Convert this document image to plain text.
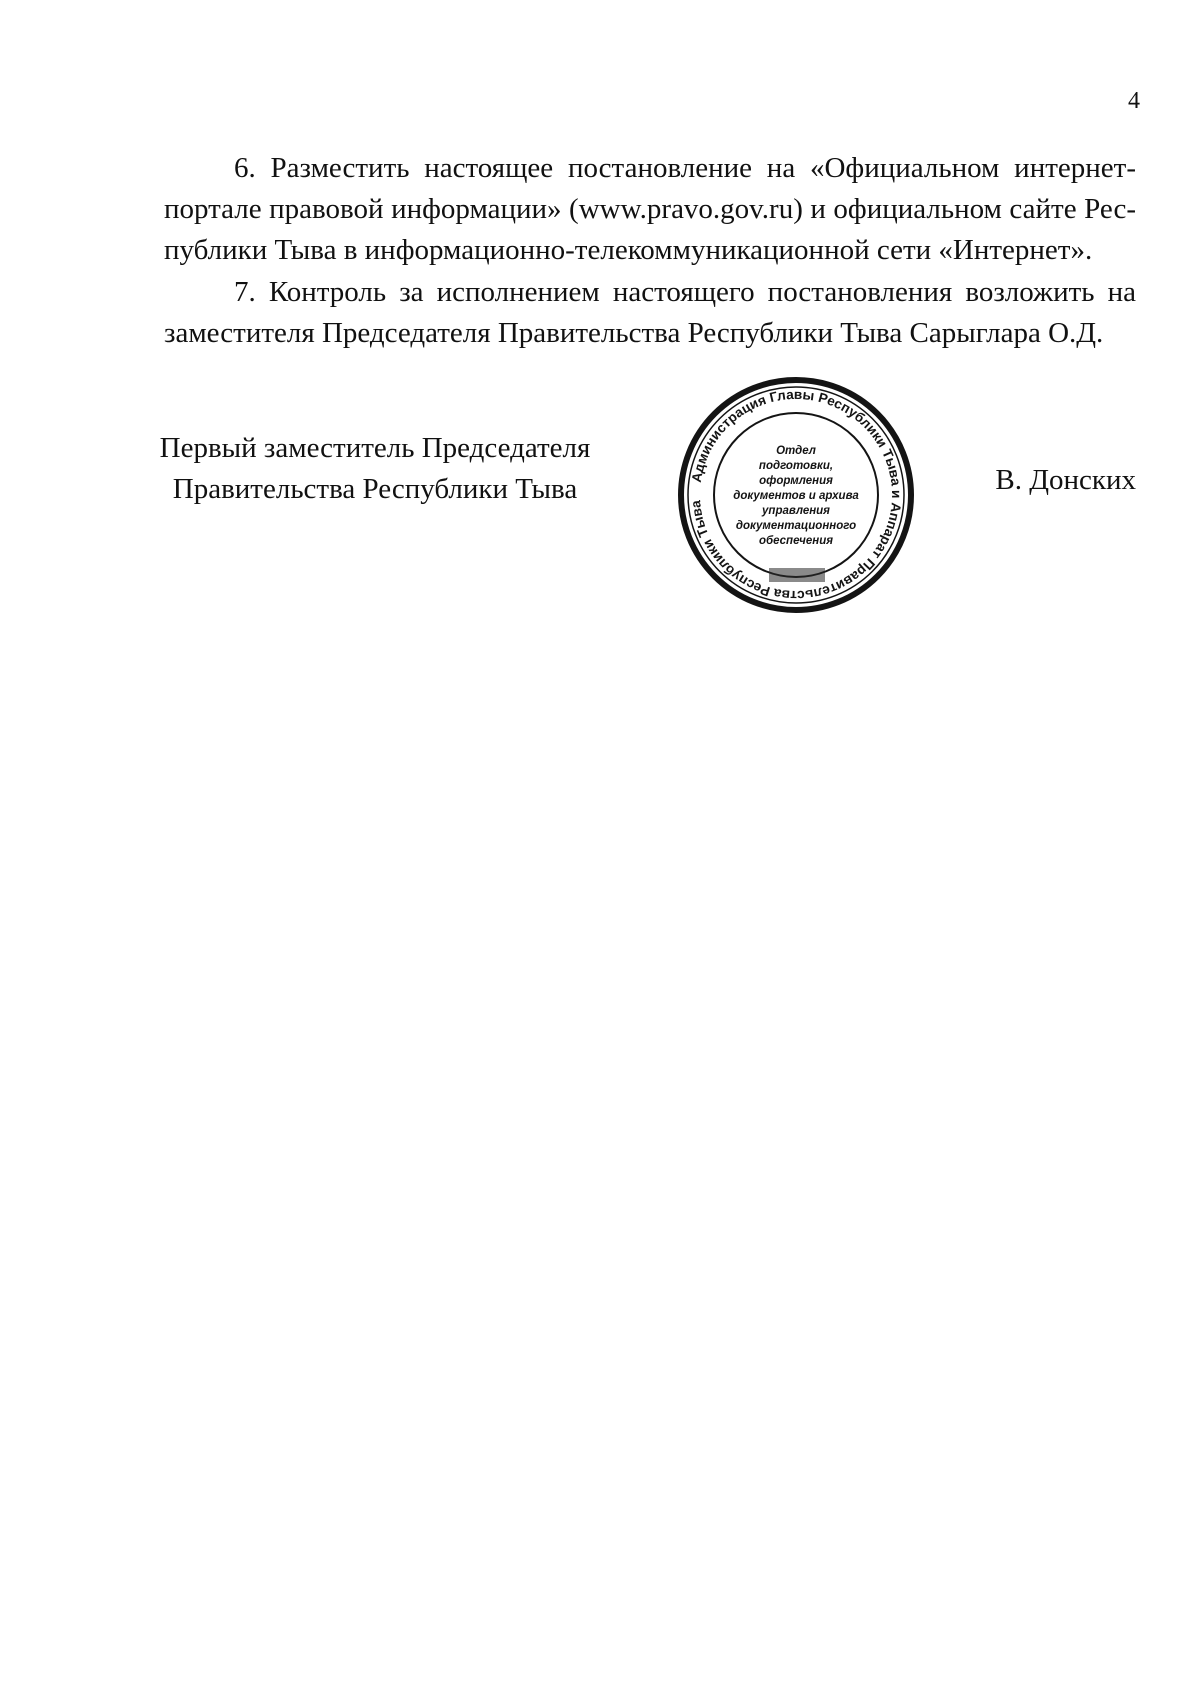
4

6. Разместить настоящее постановление на «Официальном интернет-портале правовой информации» (www.pravo.gov.ru) и официальном сайте Республики Тыва в информационно-телекоммуникационной сети «Интернет».

7. Контроль за исполнением настоящего постановления возложить на заместителя Председателя Правительства Республики Тыва Сарыглара О.Д.

Первый заместитель Председателя
Правительства Республики Тыва	Администрация Главы Республики Тыва и Аппарат Правительства Республики Тыва
Отдел
подготовки,
оформления
документов и архива
управления
документационного
обеспечения
В. Донских
